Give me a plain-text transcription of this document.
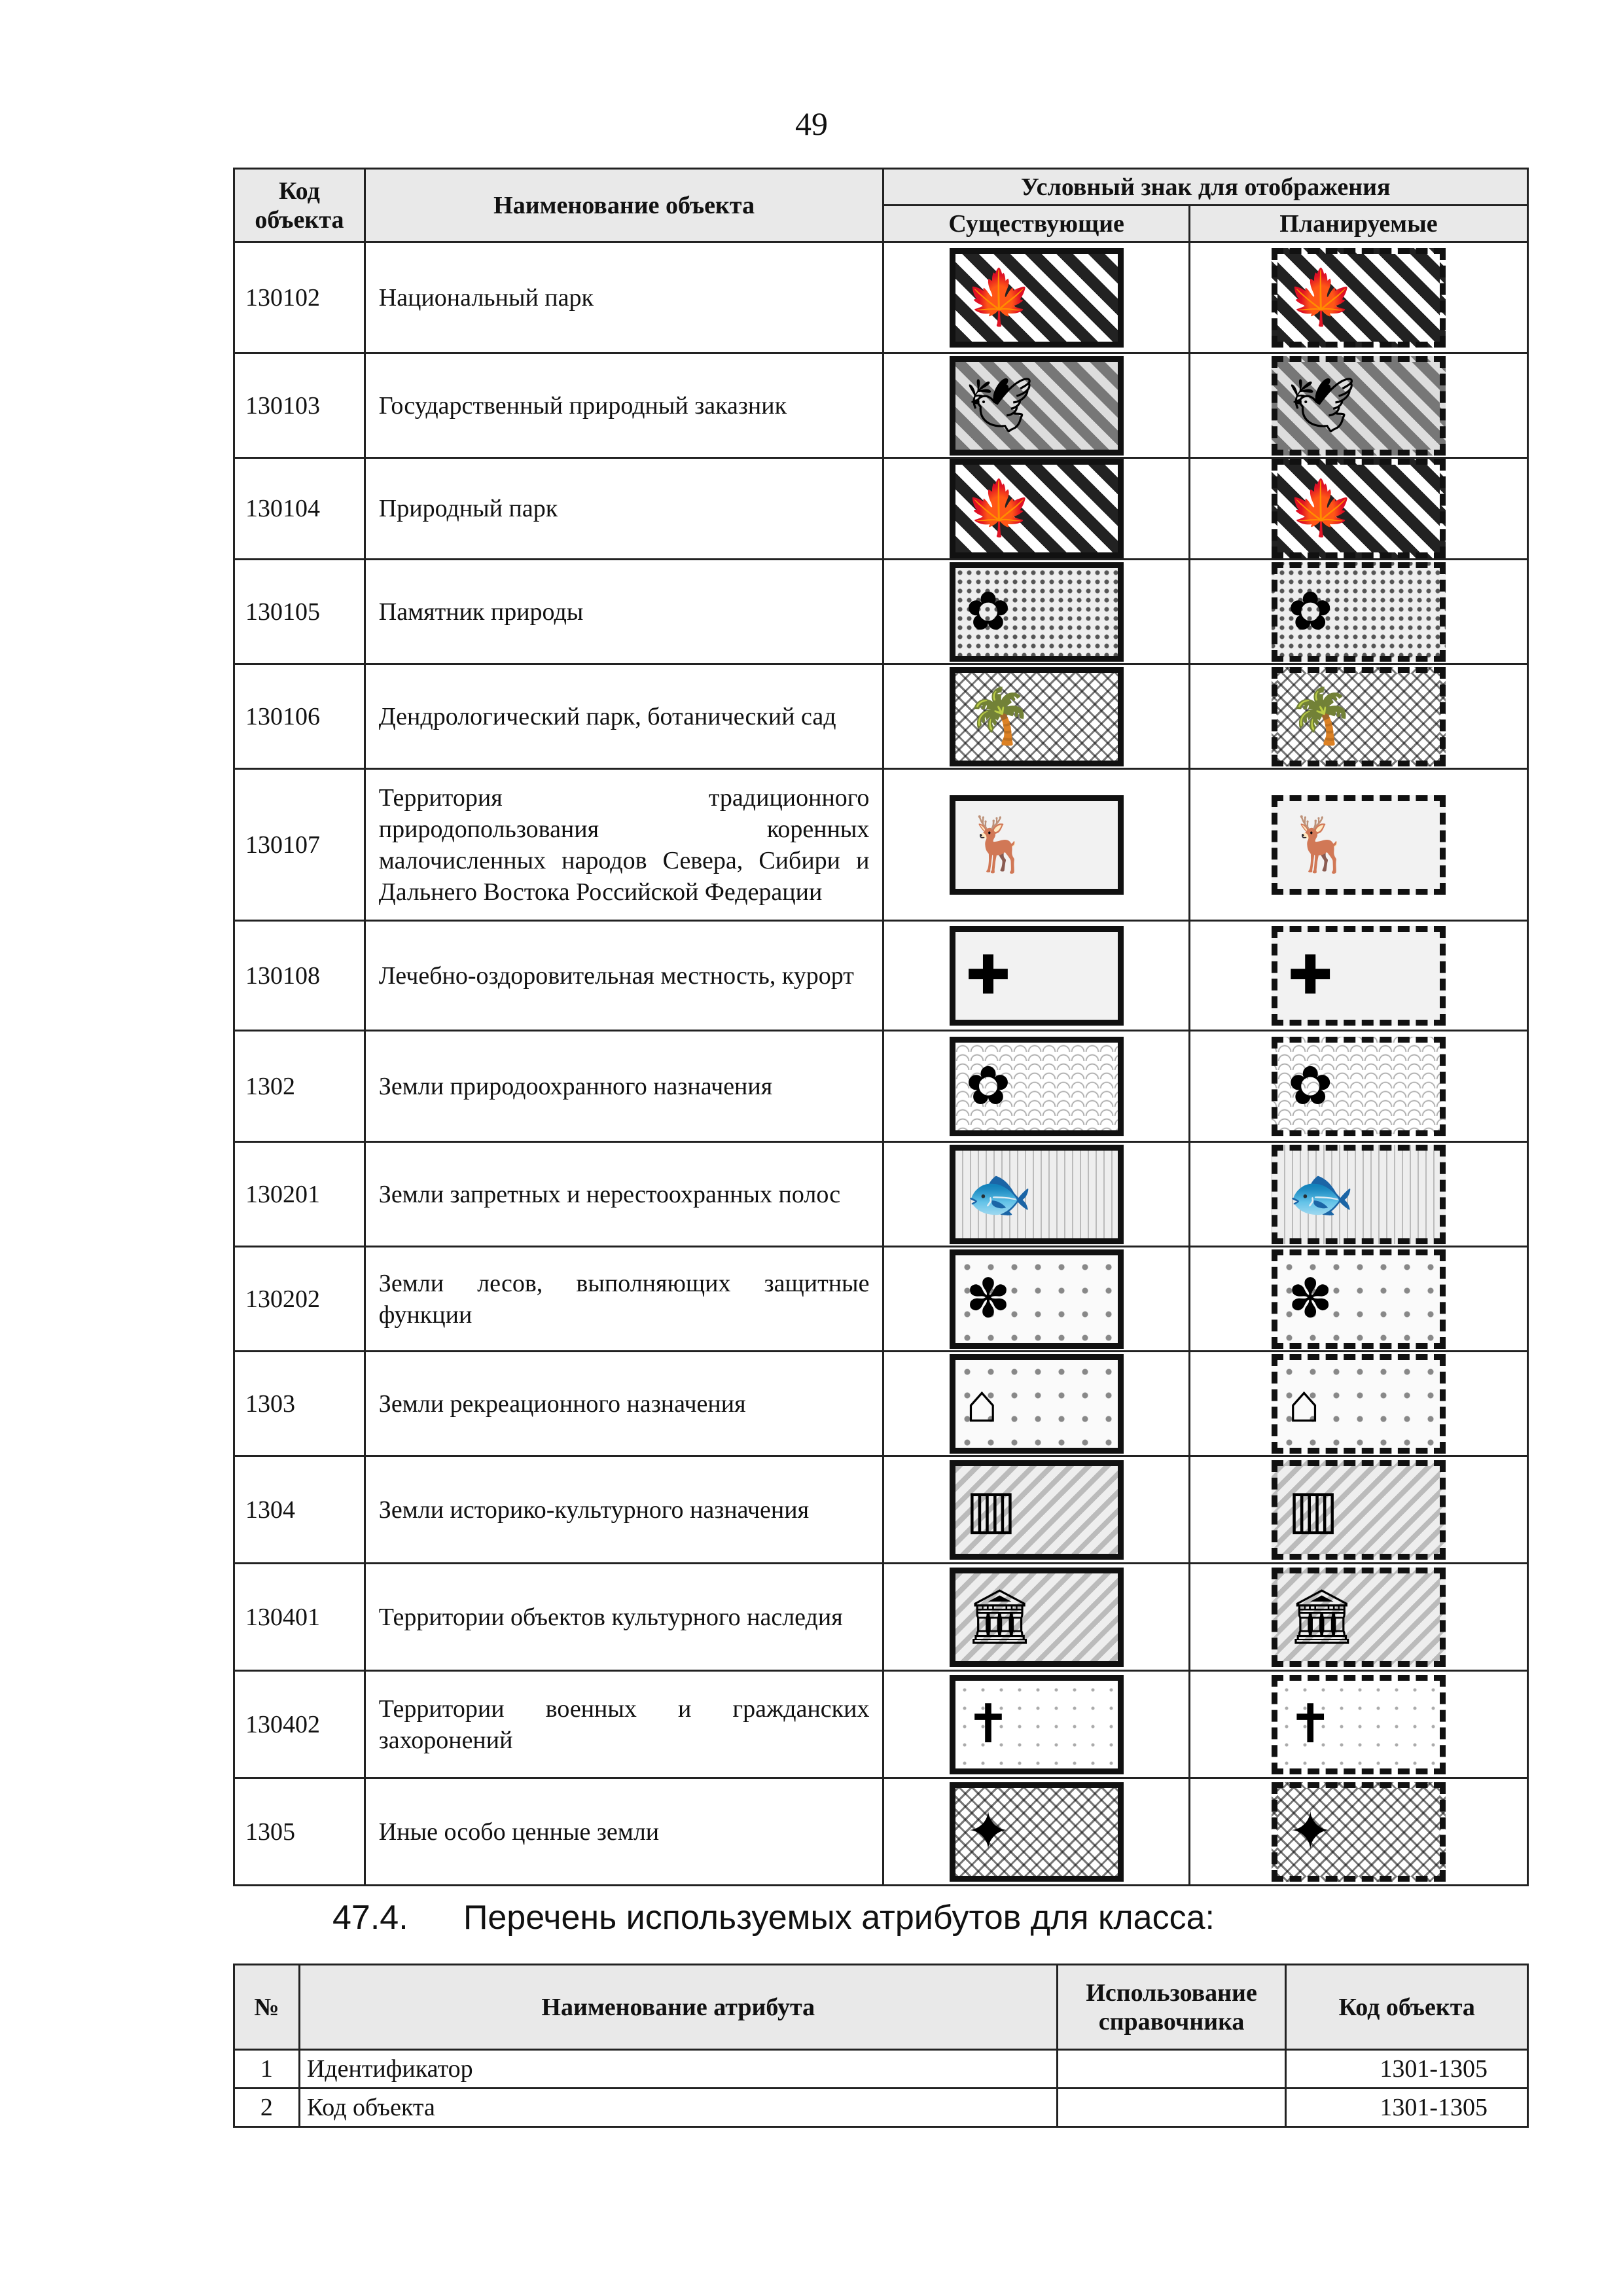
49
Код объекта	Наименование объекта	Условный знак для отображения	
		Существующие	Планируемые
130102	Национальный парк	🍁	🍁

130103	Государственный природный заказник	🕊	🕊

130104	Природный парк	🍁	🍁

130105	Памятник природы	✿	✿

130106	Дендрологический парк, ботанический сад	🌴	🌴

130107	Территория традиционного природопользования коренных малочисленных народов Севера, Сибири и Дальнего Востока Российской Федерации	🦌	🦌

130108	Лечебно-оздоровительная местность, курорт	✚	✚

1302	Земли природоохранного назначения	✿	✿

130201	Земли запретных и нерестоохранных полос	🐟	🐟

130202	Земли лесов, выполняющих защитные функции	✽	✽

1303	Земли рекреационного назначения	⌂	⌂

1304	Земли историко-культурного назначения	▥	▥

130401	Территории объектов культурного наследия	🏛	🏛

130402	Территории военных и гражданских захоронений	✝	✝

1305	Иные особо ценные земли	✦	✦
47.4. Перечень используемых атрибутов для класса:
№	Наименование атрибута	Использование справочника	Код объекта
1	Идентификатор		1301-1305
2	Код объекта		1301-1305
